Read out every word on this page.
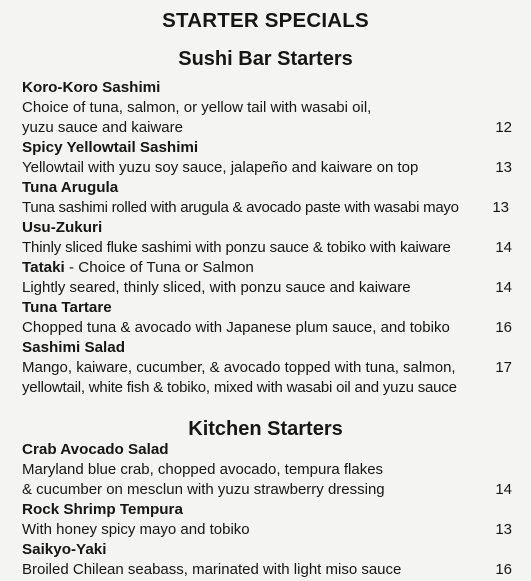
STARTER SPECIALS
Sushi Bar Starters
Koro-Koro Sashimi
Choice of tuna, salmon, or yellow tail with wasabi oil,
yuzu sauce and kaiware	12
Spicy Yellowtail Sashimi
Yellowtail with yuzu soy sauce, jalapeño and kaiware on top	13
Tuna Arugula
Tuna sashimi rolled with arugula & avocado paste with wasabi mayo 13
Usu-Zukuri
Thinly sliced fluke sashimi with ponzu sauce & tobiko with kaiware	14
Tataki - Choice of Tuna or Salmon
Lightly seared, thinly sliced, with ponzu sauce and kaiware	14
Tuna Tartare
Chopped tuna & avocado with Japanese plum sauce, and tobiko	16
Sashimi Salad
Mango, kaiware, cucumber, & avocado topped with tuna, salmon,	17
yellowtail, white fish & tobiko, mixed with wasabi oil and yuzu sauce
Kitchen Starters
Crab Avocado Salad
Maryland blue crab, chopped avocado, tempura flakes
& cucumber on mesclun with yuzu strawberry dressing	14
Rock Shrimp Tempura
With honey spicy mayo and tobiko	13
Saikyo-Yaki
Broiled Chilean seabass, marinated with light miso sauce	16
